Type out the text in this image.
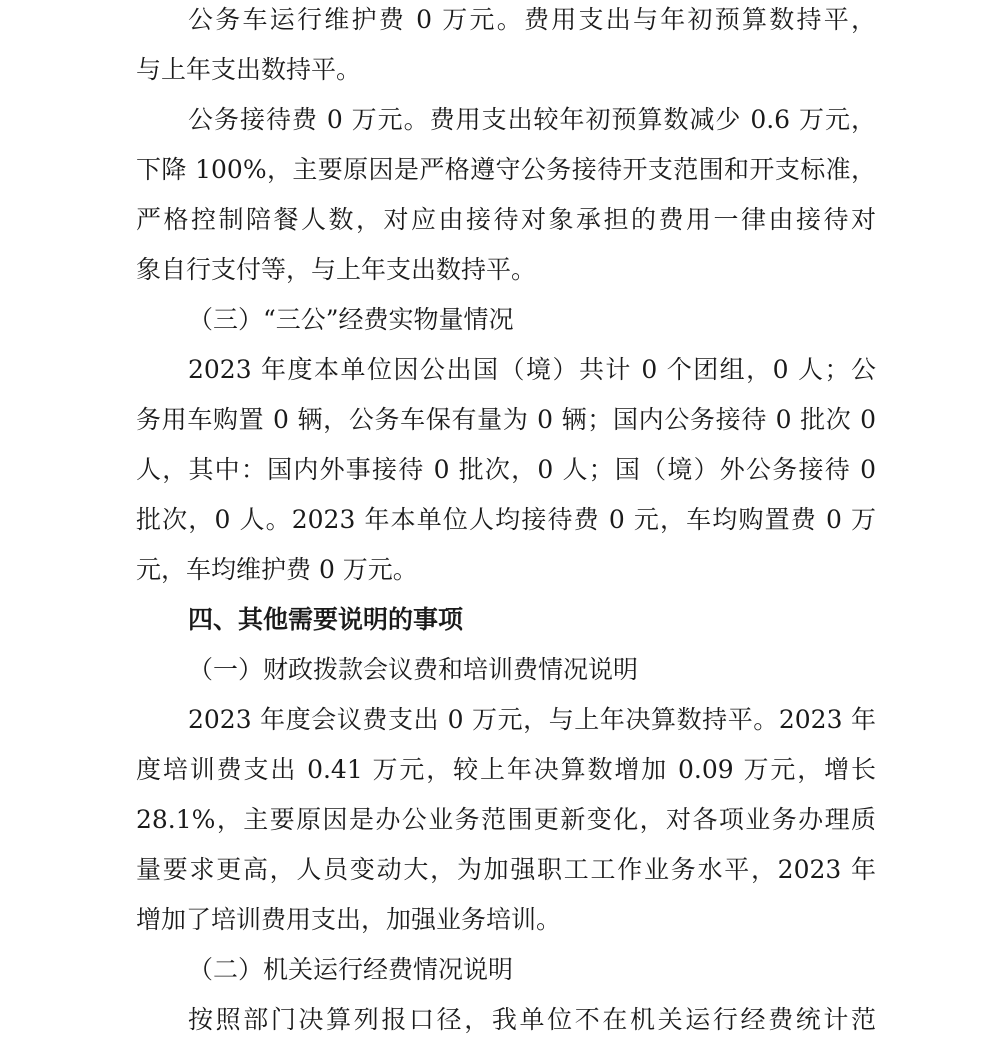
公务车运行维护费 0 万元。费用支出与年初预算数持平，
与上年支出数持平。
公务接待费 0 万元。费用支出较年初预算数减少 0.6 万元，
下降 100%，主要原因是严格遵守公务接待开支范围和开支标准，
严格控制陪餐人数，对应由接待对象承担的费用一律由接待对
象自行支付等，与上年支出数持平。
（三）“三公”经费实物量情况
2023 年度本单位因公出国（境）共计 0 个团组，0 人；公
务用车购置 0 辆，公务车保有量为 0 辆；国内公务接待 0 批次 0
人，其中：国内外事接待 0 批次，0 人；国（境）外公务接待 0
批次，0 人。2023 年本单位人均接待费 0 元，车均购置费 0 万
元，车均维护费 0 万元。
四、其他需要说明的事项
（一）财政拨款会议费和培训费情况说明
2023 年度会议费支出 0 万元，与上年决算数持平。2023 年
度培训费支出 0.41 万元，较上年决算数增加 0.09 万元，增长
28.1%，主要原因是办公业务范围更新变化，对各项业务办理质
量要求更高，人员变动大，为加强职工工作业务水平，2023 年
增加了培训费用支出，加强业务培训。
（二）机关运行经费情况说明
按照部门决算列报口径，我单位不在机关运行经费统计范
